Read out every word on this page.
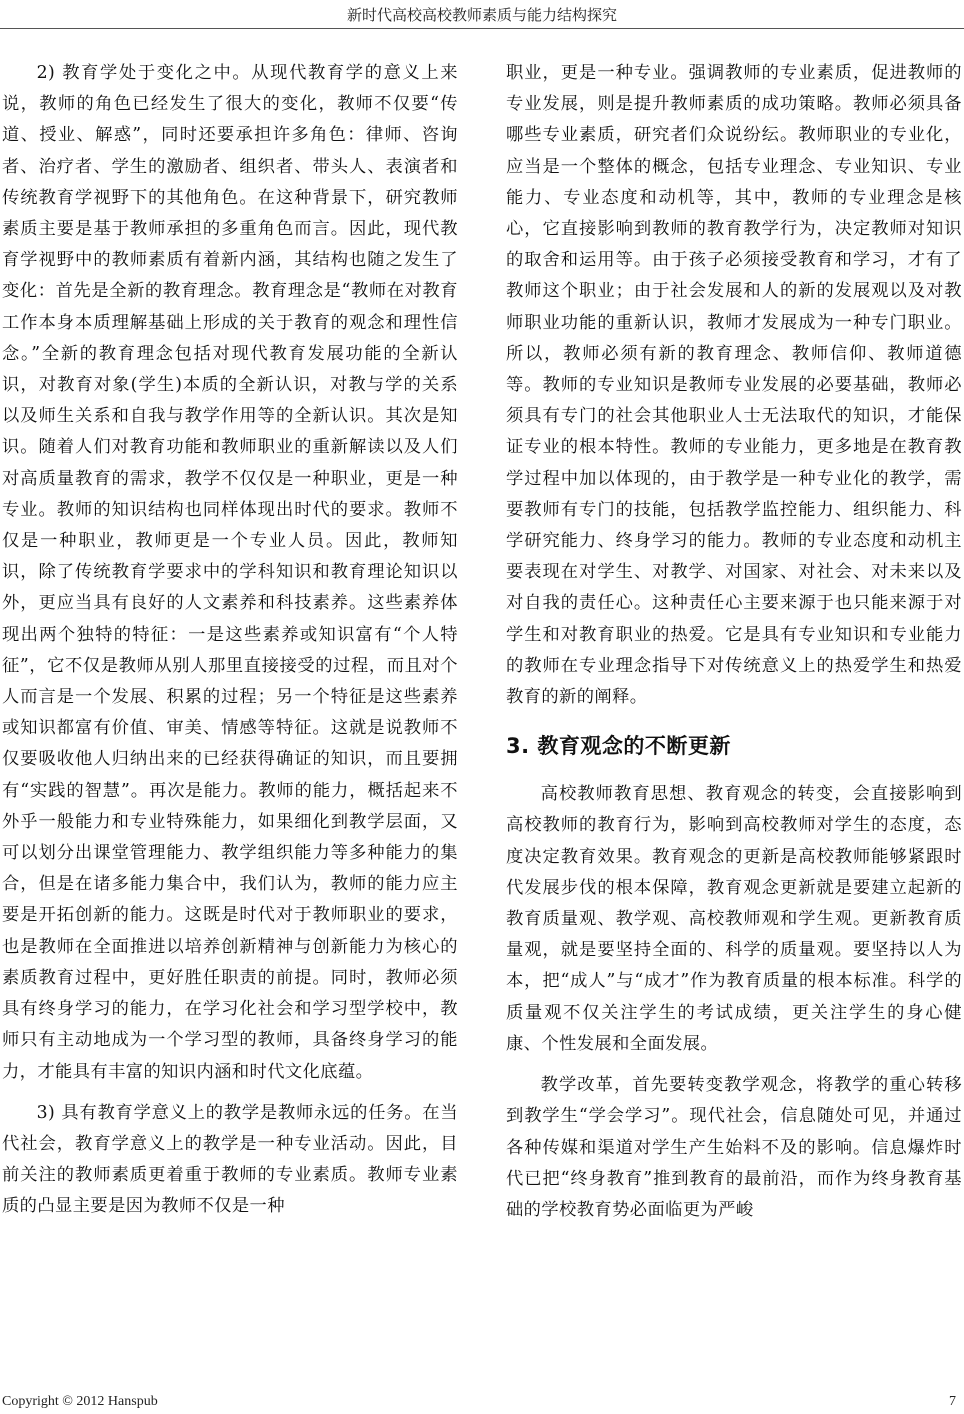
新时代高校高校教师素质与能力结构探究

2) 教育学处于变化之中。从现代教育学的意义上来说，教师的角色已经发生了很大的变化，教师不仅要“传道、授业、解惑”，同时还要承担许多角色：律师、咨询者、治疗者、学生的激励者、组织者、带头人、表演者和传统教育学视野下的其他角色。在这种背景下，研究教师素质主要是基于教师承担的多重角色而言。因此，现代教育学视野中的教师素质有着新内涵，其结构也随之发生了变化：首先是全新的教育理念。教育理念是“教师在对教育工作本身本质理解基础上形成的关于教育的观念和理性信念。”全新的教育理念包括对现代教育发展功能的全新认识，对教育对象(学生)本质的全新认识，对教与学的关系以及师生关系和自我与教学作用等的全新认识。其次是知识。随着人们对教育功能和教师职业的重新解读以及人们对高质量教育的需求，教学不仅仅是一种职业，更是一种专业。教师的知识结构也同样体现出时代的要求。教师不仅是一种职业，教师更是一个专业人员。因此，教师知识，除了传统教育学要求中的学科知识和教育理论知识以外，更应当具有良好的人文素养和科技素养。这些素养体现出两个独特的特征：一是这些素养或知识富有“个人特征”，它不仅是教师从别人那里直接接受的过程，而且对个人而言是一个发展、积累的过程；另一个特征是这些素养或知识都富有价值、审美、情感等特征。这就是说教师不仅要吸收他人归纳出来的已经获得确证的知识，而且要拥有“实践的智慧”。再次是能力。教师的能力，概括起来不外乎一般能力和专业特殊能力，如果细化到教学层面，又可以划分出课堂管理能力、教学组织能力等多种能力的集合，但是在诸多能力集合中，我们认为，教师的能力应主要是开拓创新的能力。这既是时代对于教师职业的要求，也是教师在全面推进以培养创新精神与创新能力为核心的素质教育过程中，更好胜任职责的前提。同时，教师必须具有终身学习的能力，在学习化社会和学习型学校中，教师只有主动地成为一个学习型的教师，具备终身学习的能力，才能具有丰富的知识内涵和时代文化底蕴。

3) 具有教育学意义上的教学是教师永远的任务。在当代社会，教育学意义上的教学是一种专业活动。因此，目前关注的教师素质更着重于教师的专业素质。教师专业素质的凸显主要是因为教师不仅是一种

职业，更是一种专业。强调教师的专业素质，促进教师的专业发展，则是提升教师素质的成功策略。教师必须具备哪些专业素质，研究者们众说纷纭。教师职业的专业化，应当是一个整体的概念，包括专业理念、专业知识、专业能力、专业态度和动机等，其中，教师的专业理念是核心，它直接影响到教师的教育教学行为，决定教师对知识的取舍和运用等。由于孩子必须接受教育和学习，才有了教师这个职业；由于社会发展和人的新的发展观以及对教师职业功能的重新认识，教师才发展成为一种专门职业。所以，教师必须有新的教育理念、教师信仰、教师道德等。教师的专业知识是教师专业发展的必要基础，教师必须具有专门的社会其他职业人士无法取代的知识，才能保证专业的根本特性。教师的专业能力，更多地是在教育教学过程中加以体现的，由于教学是一种专业化的教学，需要教师有专门的技能，包括教学监控能力、组织能力、科学研究能力、终身学习的能力。教师的专业态度和动机主要表现在对学生、对教学、对国家、对社会、对未来以及对自我的责任心。这种责任心主要来源于也只能来源于对学生和对教育职业的热爱。它是具有专业知识和专业能力的教师在专业理念指导下对传统意义上的热爱学生和热爱教育的新的阐释。

3. 教育观念的不断更新

高校教师教育思想、教育观念的转变，会直接影响到高校教师的教育行为，影响到高校教师对学生的态度，态度决定教育效果。教育观念的更新是高校教师能够紧跟时代发展步伐的根本保障，教育观念更新就是要建立起新的教育质量观、教学观、高校教师观和学生观。更新教育质量观，就是要坚持全面的、科学的质量观。要坚持以人为本，把“成人”与“成才”作为教育质量的根本标准。科学的质量观不仅关注学生的考试成绩，更关注学生的身心健康、个性发展和全面发展。

教学改革，首先要转变教学观念，将教学的重心转移到教学生“学会学习”。现代社会，信息随处可见，并通过各种传媒和渠道对学生产生始料不及的影响。信息爆炸时代已把“终身教育”推到教育的最前沿，而作为终身教育基础的学校教育势必面临更为严峻

Copyright © 2012 Hanspub	7
